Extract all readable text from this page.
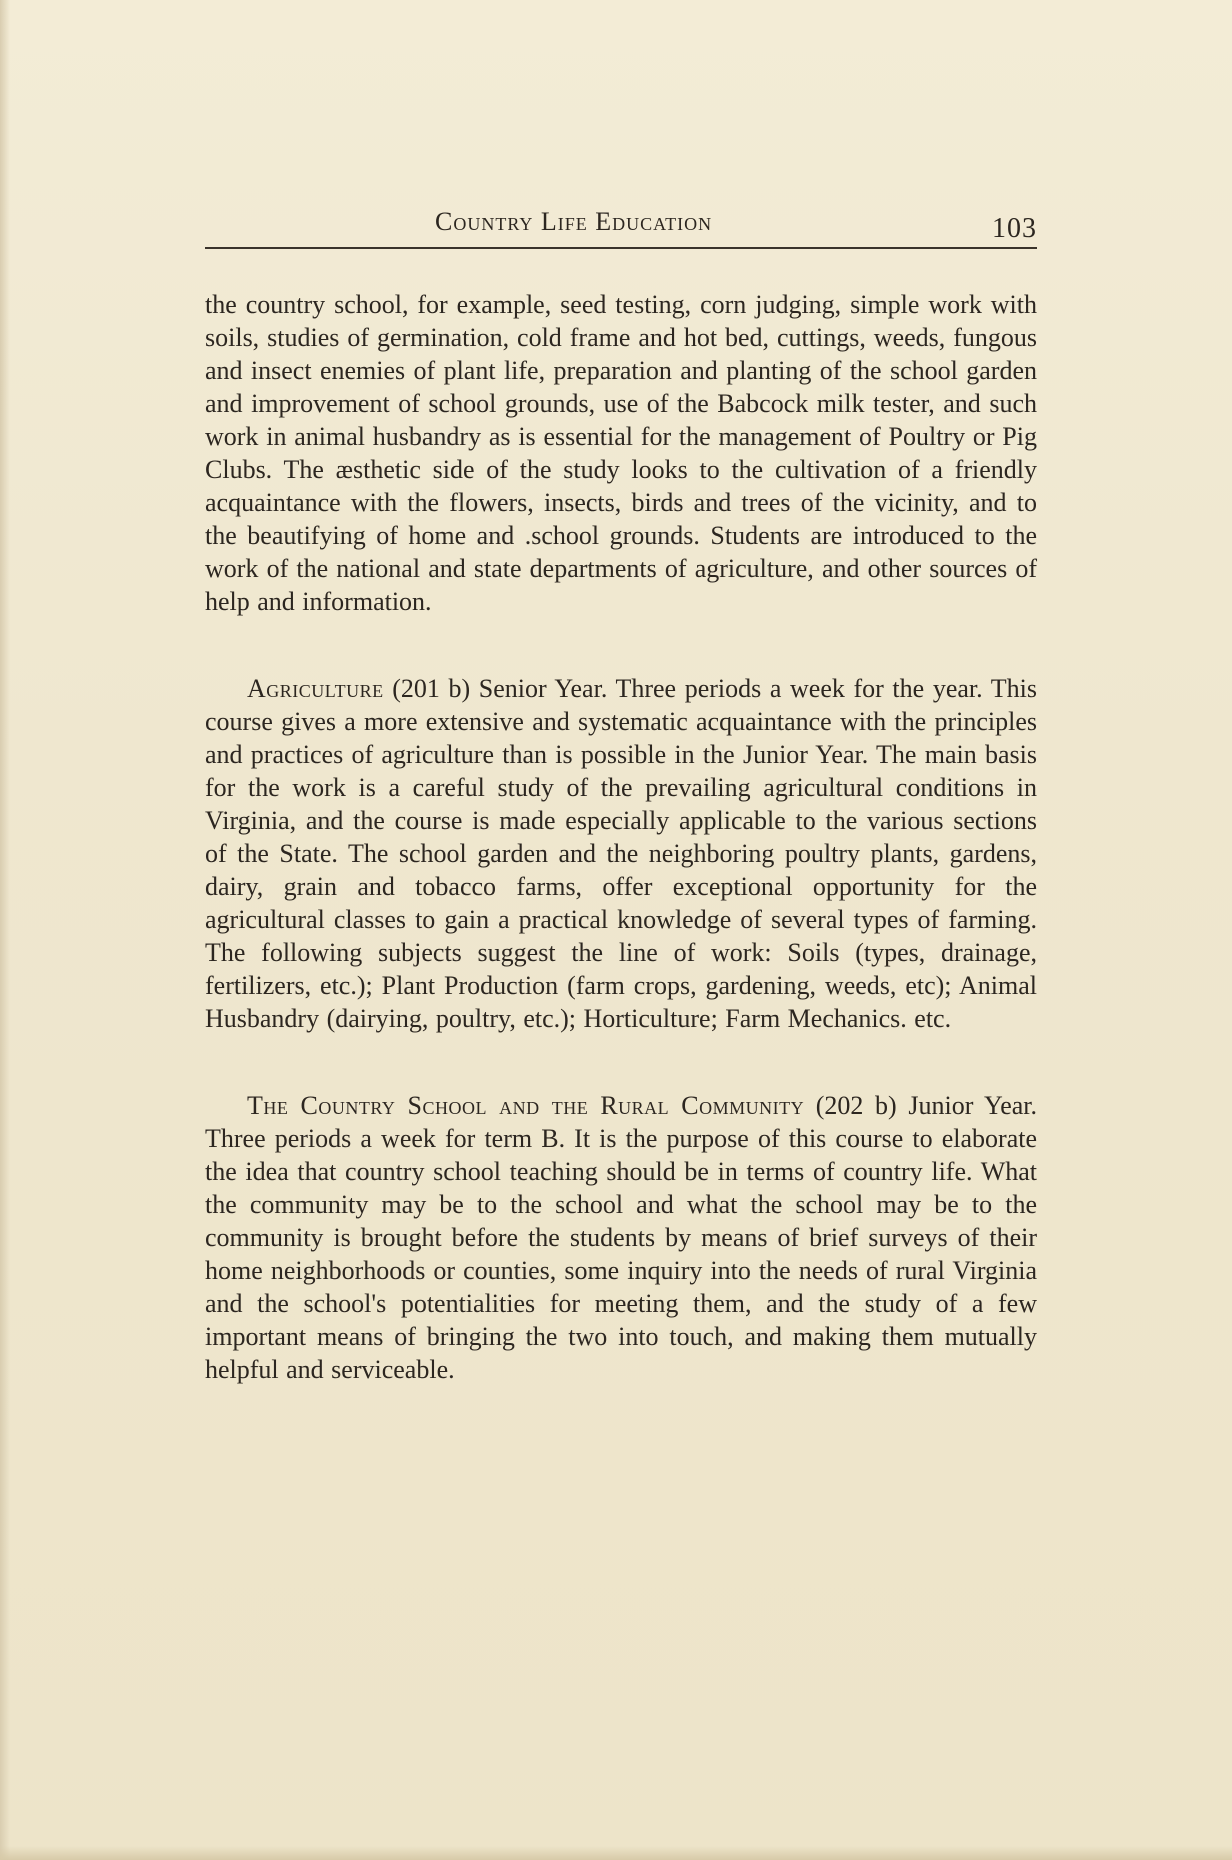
Country Life Education	103

the country school, for example, seed testing, corn judging, simple work with soils, studies of germination, cold frame and hot bed, cuttings, weeds, fungous and insect enemies of plant life, preparation and planting of the school garden and improvement of school grounds, use of the Babcock milk tester, and such work in animal husbandry as is essential for the management of Poultry or Pig Clubs. The æsthetic side of the study looks to the cultivation of a friendly acquaintance with the flowers, insects, birds and trees of the vicinity, and to the beautifying of home and .school grounds. Students are introduced to the work of the national and state departments of agriculture, and other sources of help and information.

Agriculture (201 b) Senior Year. Three periods a week for the year. This course gives a more extensive and systematic acquaintance with the principles and practices of agriculture than is possible in the Junior Year. The main basis for the work is a careful study of the prevailing agricultural conditions in Virginia, and the course is made especially applicable to the various sections of the State. The school garden and the neighboring poultry plants, gardens, dairy, grain and tobacco farms, offer exceptional opportunity for the agricultural classes to gain a practical knowledge of several types of farming. The following subjects suggest the line of work: Soils (types, drainage, fertilizers, etc.); Plant Production (farm crops, gardening, weeds, etc); Animal Husbandry (dairying, poultry, etc.); Horticulture; Farm Mechanics. etc.

The Country School and the Rural Community (202 b) Junior Year. Three periods a week for term B. It is the purpose of this course to elaborate the idea that country school teaching should be in terms of country life. What the community may be to the school and what the school may be to the community is brought before the students by means of brief surveys of their home neighborhoods or counties, some inquiry into the needs of rural Virginia and the school's potentialities for meeting them, and the study of a few important means of bringing the two into touch, and making them mutually helpful and serviceable.
